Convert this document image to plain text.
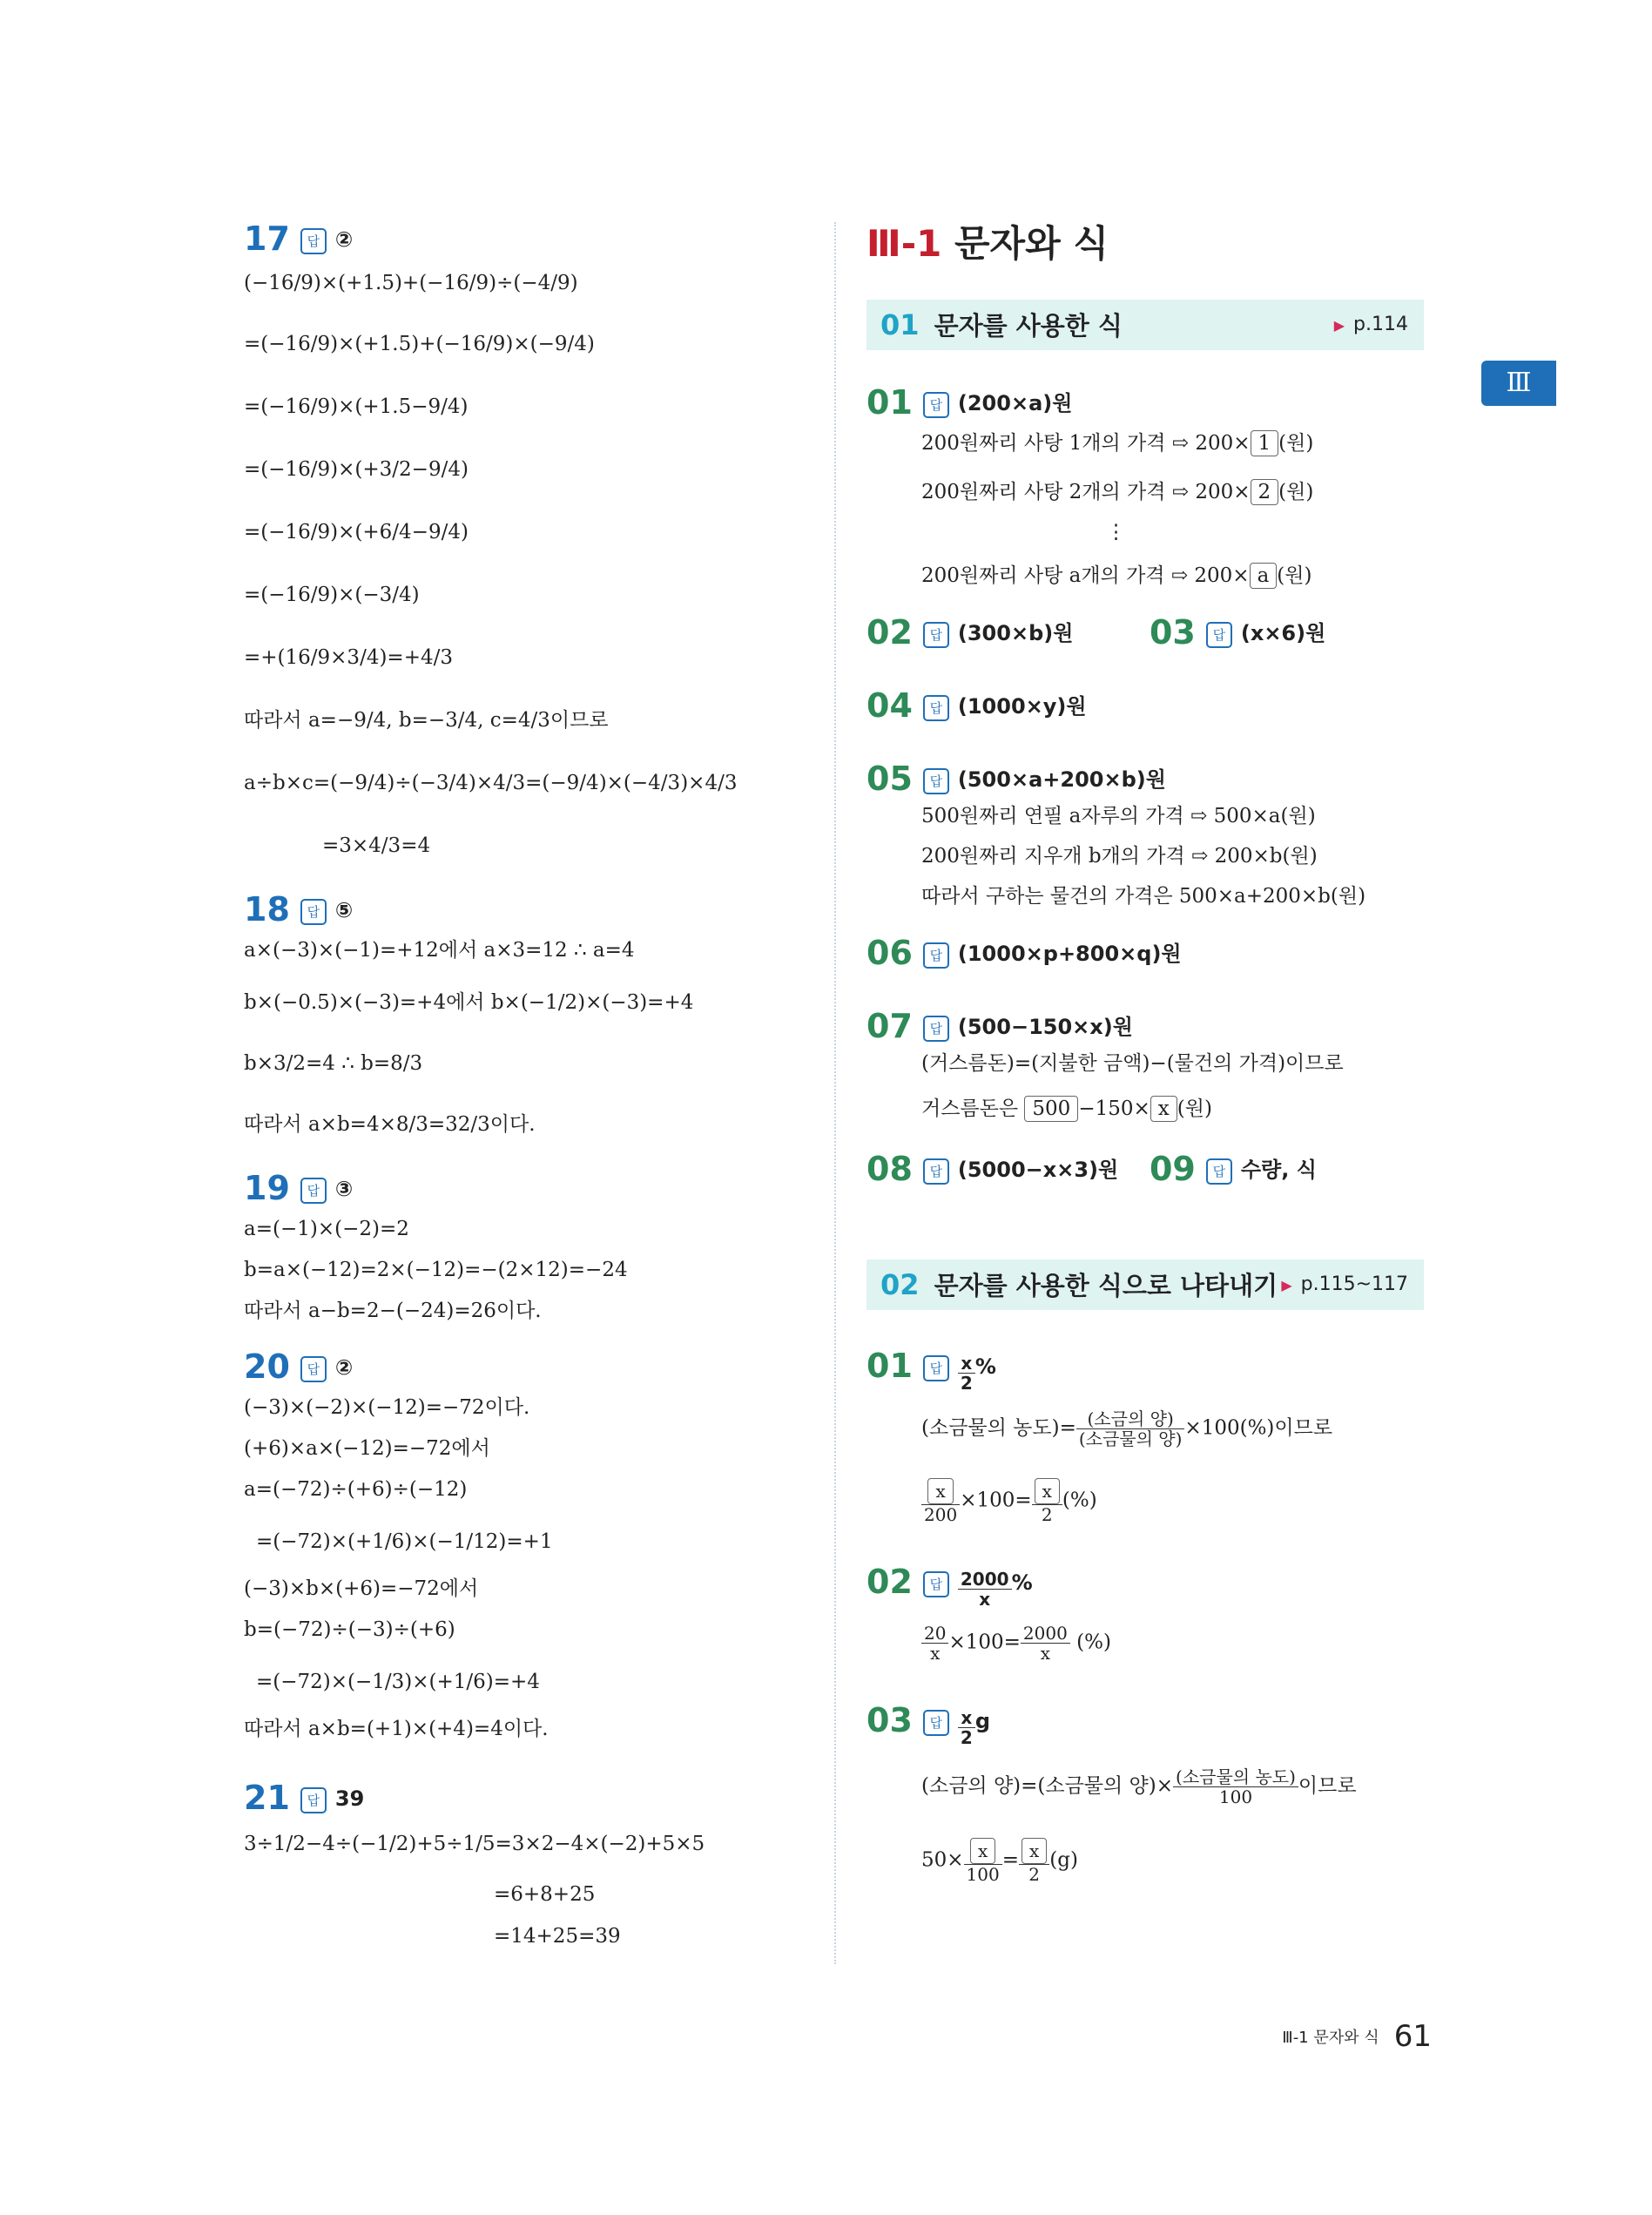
17 답 ②
(−16/9)×(+1.5)+(−16/9)÷(−4/9)
=(−16/9)×(+1.5)+(−16/9)×(−9/4)
=(−16/9)×(+1.5−9/4)
=(−16/9)×(+3/2−9/4)
=(−16/9)×(+6/4−9/4)
=(−16/9)×(−3/4)
=+(16/9×3/4)=+4/3
따라서 a=−9/4, b=−3/4, c=4/3이므로
a÷b×c=(−9/4)÷(−3/4)×4/3=(−9/4)×(−4/3)×4/3
=3×4/3=4
18 답 ⑤
a×(−3)×(−1)=+12에서 a×3=12 ∴ a=4
b×(−0.5)×(−3)=+4에서 b×(−1/2)×(−3)=+4
b×3/2=4 ∴ b=8/3
따라서 a×b=4×8/3=32/3이다.
19 답 ③
a=(−1)×(−2)=2
b=a×(−12)=2×(−12)=−(2×12)=−24
따라서 a−b=2−(−24)=26이다.
20 답 ②
(−3)×(−2)×(−12)=−72이다.
(+6)×a×(−12)=−72에서
a=(−72)÷(+6)÷(−12)
=(−72)×(+1/6)×(−1/12)=+1
(−3)×b×(+6)=−72에서
b=(−72)÷(−3)÷(+6)
=(−72)×(−1/3)×(+1/6)=+4
따라서 a×b=(+1)×(+4)=4이다.
21 답 39
3÷1/2−4÷(−1/2)+5÷1/5=3×2−4×(−2)+5×5
=6+8+25
=14+25=39
Ⅲ-1 문자와 식
01 문자를 사용한 식	▶ p.114
01 답 (200×a)원
200원짜리 사탕 1개의 가격 ⇨ 200× 1 (원)
200원짜리 사탕 2개의 가격 ⇨ 200× 2 (원)
⋮
200원짜리 사탕 a개의 가격 ⇨ 200× a (원)
02 답 (300×b)원 03 답 (x×6)원
04 답 (1000×y)원
05 답 (500×a+200×b)원
500원짜리 연필 a자루의 가격 ⇨ 500×a(원)
200원짜리 지우개 b개의 가격 ⇨ 200×b(원)
따라서 구하는 물건의 가격은 500×a+200×b(원)
06 답 (1000×p+800×q)원
07 답 (500−150×x)원
(거스름돈)=(지불한 금액)−(물건의 가격)이므로
거스름돈은 500 −150× x (원)
08 답 (5000−x×3)원 09 답 수량, 식
02 문자를 사용한 식으로 나타내기 ▶ p.115~117
01 답 $\frac{x}{2}$ %
(소금물의 농도)= $\frac{\text{(소금의 양)}}{\text{(소금물의 양)}} \times 100(\%)$이므로
$\frac{x}{200} \times 100= \frac{x}{2}$ (%)
02 답 $\frac{2000}{x}$ %
$\frac{20}{x} \times 100= \frac{2000}{x}$ (%)
03 답 $\frac{x}{2}$ g
(소금의 양)=(소금물의 양)× $\frac{\text{(소금물의 농도)}}{100}$ 이므로
$50\times \frac{x}{100} = \frac{x}{2} (g)$
Ⅲ
Ⅲ-1 문자와 식 61
